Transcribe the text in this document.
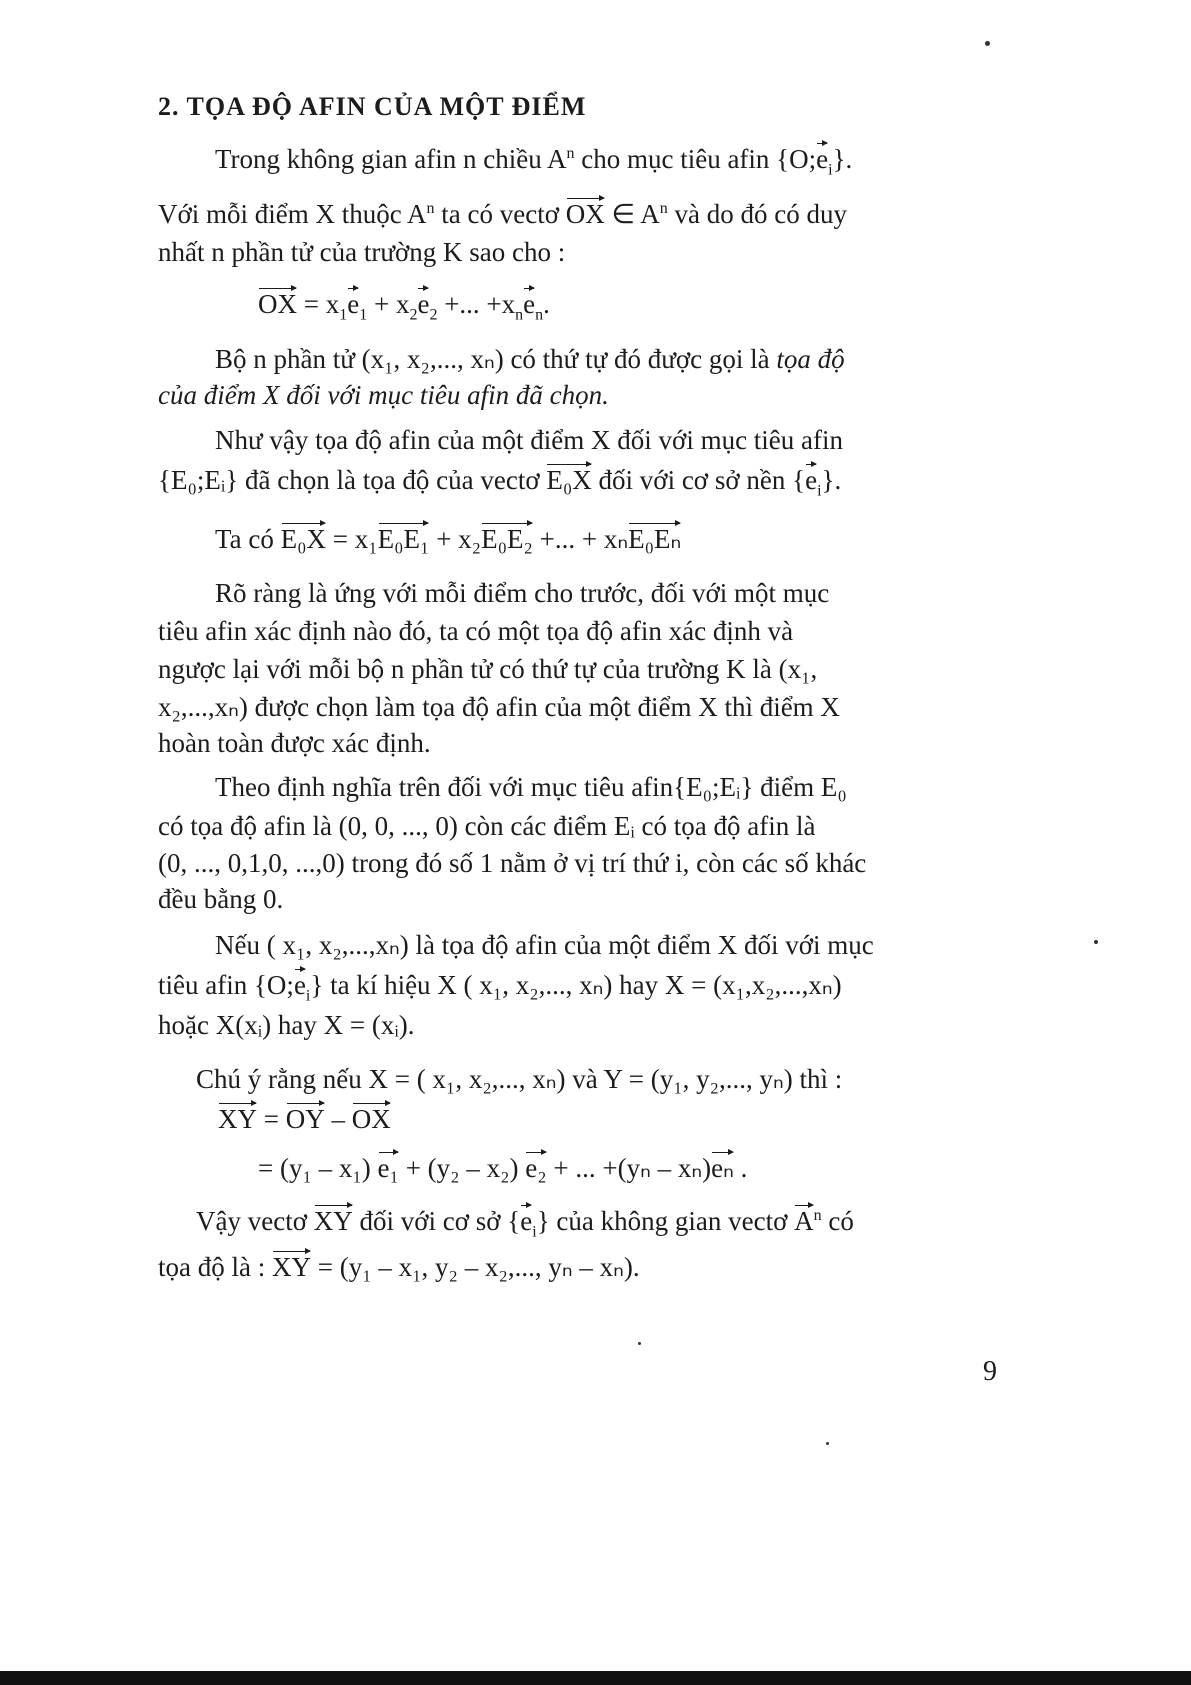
2. TỌA ĐỘ AFIN CỦA MỘT ĐIỂM
Trong không gian afin n chiều $A^n$ cho mục tiêu afin $\{O;e_i\}$.
Với mỗi điểm X thuộc $A^n$ ta có vectơ OX ∈ $A^n$ và do đó có duy
nhất n phần tử của trường K sao cho :
OX = $x_1e_1 + x_2e_2$ +... $+x_ne_n$.
Bộ n phần tử (x₁, x₂,..., xₙ) có thứ tự đó được gọi là tọa độ
của điểm X đối với mục tiêu afin đã chọn.
Như vậy tọa độ afin của một điểm X đối với mục tiêu afin
{E₀;Eᵢ} đã chọn là tọa độ của vectơ E₀X đối với cơ sở nền $\{e_i\}$.
Ta có E₀X = x₁E₀E₁ + x₂E₀E₂ +... + xₙE₀Eₙ
Rõ ràng là ứng với mỗi điểm cho trước, đối với một mục
tiêu afin xác định nào đó, ta có một tọa độ afin xác định và
ngược lại với mỗi bộ n phần tử có thứ tự của trường K là (x₁,
x₂,...,xₙ) được chọn làm tọa độ afin của một điểm X thì điểm X
hoàn toàn được xác định.
Theo định nghĩa trên đối với mục tiêu afin{E₀;Eᵢ} điểm E₀
có tọa độ afin là (0, 0, ..., 0) còn các điểm Eᵢ có tọa độ afin là
(0, ..., 0,1,0, ...,0) trong đó số 1 nằm ở vị trí thứ i, còn các số khác
đều bằng 0.
Nếu ( x₁, x₂,...,xₙ) là tọa độ afin của một điểm X đối với mục
tiêu afin $\{O;e_i\}$ ta kí hiệu X ( x₁, x₂,..., xₙ) hay X = (x₁,x₂,...,xₙ)
hoặc X(xᵢ) hay X = (xᵢ).
Chú ý rằng nếu X = ( x₁, x₂,..., xₙ) và Y = (y₁, y₂,..., yₙ) thì :
XY = OY – OX
= (y₁ – x₁) e₁ + (y₂ – x₂) e₂ + ... +(yₙ – xₙ)eₙ .
Vậy vectơ XY đối với cơ sở $\{e_i\}$ của không gian vectơ $A^n$ có
tọa độ là : XY = (y₁ – x₁, y₂ – x₂,..., yₙ – xₙ).
9
